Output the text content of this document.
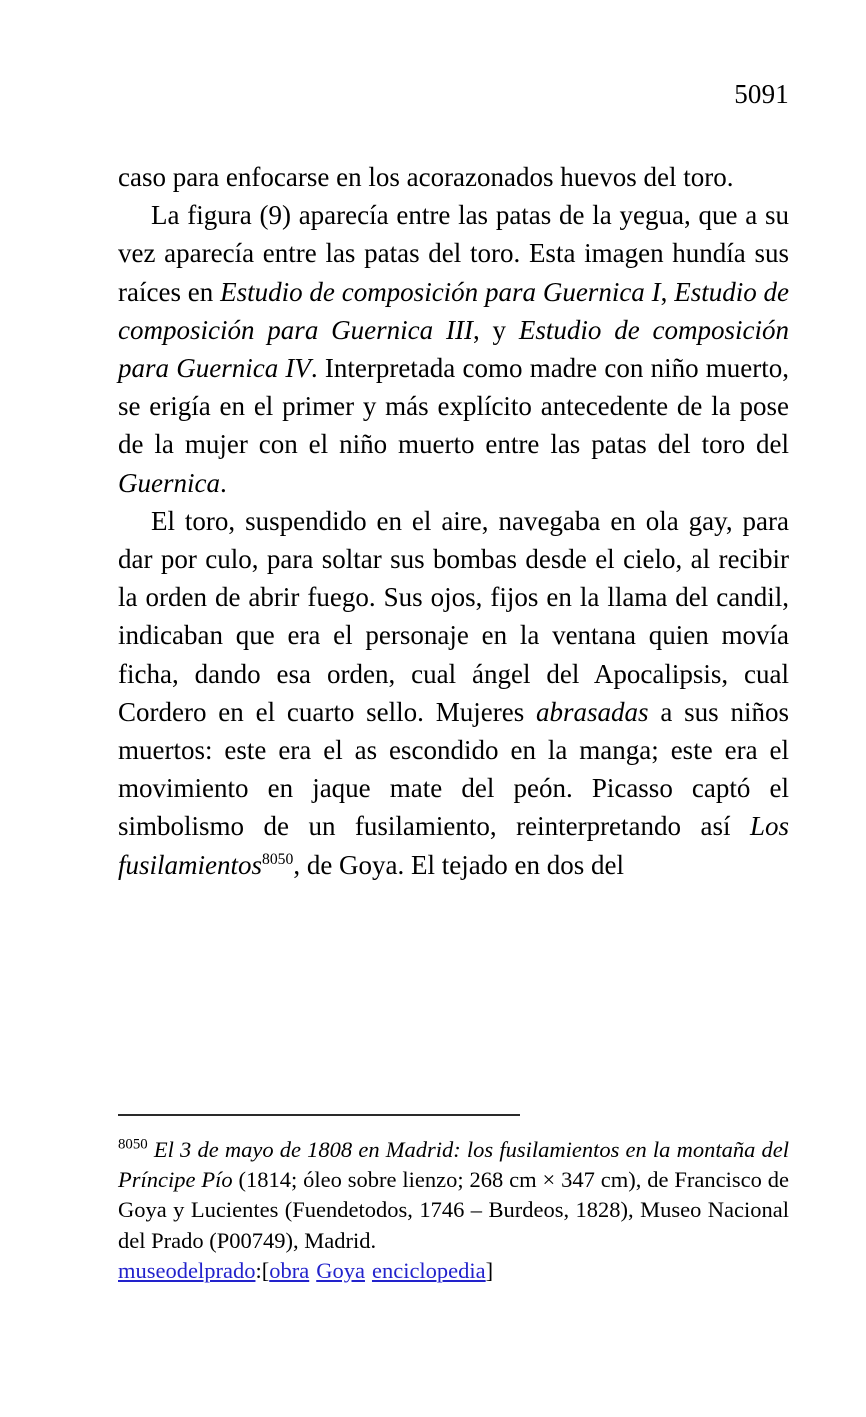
5091

caso para enfocarse en los acorazonados huevos del toro.

La figura (9) aparecía entre las patas de la yegua, que a su vez aparecía entre las patas del toro. Esta imagen hundía sus raíces en Estudio de composición para Guernica I, Estudio de composición para Guernica III, y Estudio de composición para Guernica IV. Interpretada como madre con niño muerto, se erigía en el primer y más explícito antecedente de la pose de la mujer con el niño muerto entre las patas del toro del Guernica.

El toro, suspendido en el aire, navegaba en ola gay, para dar por culo, para soltar sus bombas desde el cielo, al recibir la orden de abrir fuego. Sus ojos, fijos en la llama del candil, indicaban que era el personaje en la ventana quien movía ficha, dando esa orden, cual ángel del Apocalipsis, cual Cordero en el cuarto sello. Mujeres abrasadas a sus niños muertos: este era el as escondido en la manga; este era el movimiento en jaque mate del peón. Picasso captó el simbolismo de un fusilamiento, reinterpretando así Los fusilamientos$^{8050}$, de Goya. El tejado en dos del

$^{8050}$ El 3 de mayo de 1808 en Madrid: los fusilamientos en la montaña del Príncipe Pío (1814; óleo sobre lienzo; 268 cm × 347 cm), de Francisco de Goya y Lucientes (Fuendetodos, 1746 – Burdeos, 1828), Museo Nacional del Prado (P00749), Madrid.

museodelprado:[obra Goya enciclopedia]
